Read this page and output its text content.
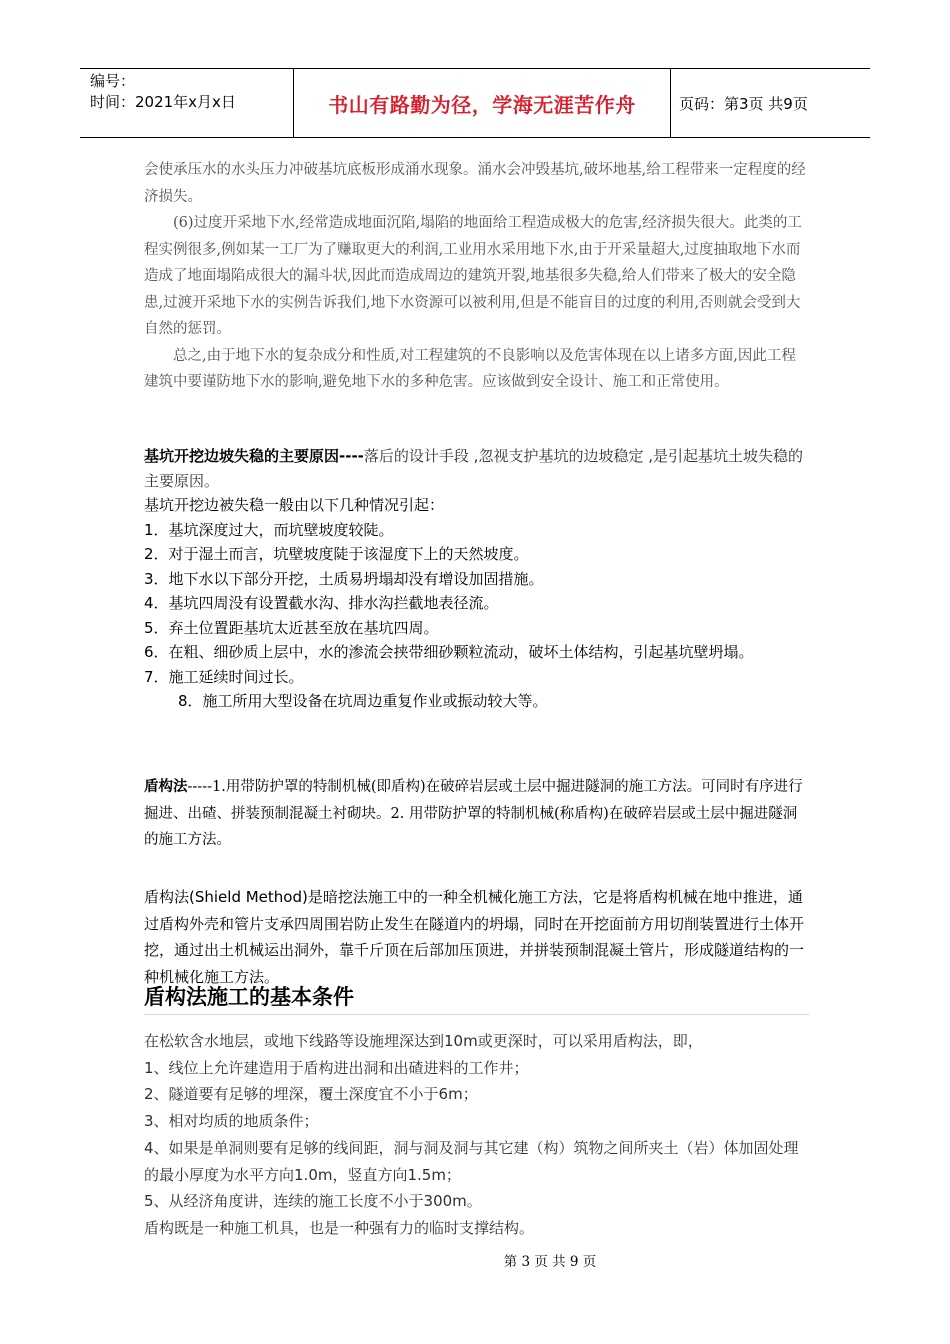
编号：
时间：2021年x月x日	书山有路勤为径，学海无涯苦作舟	页码：第3页 共9页

会使承压水的水头压力冲破基坑底板形成涌水现象。涌水会冲毁基坑,破坏地基,给工程带来一定程度的经济损失。

(6)过度开采地下水,经常造成地面沉陷,塌陷的地面给工程造成极大的危害,经济损失很大。此类的工程实例很多,例如某一工厂为了赚取更大的利润,工业用水采用地下水,由于开采量超大,过度抽取地下水而造成了地面塌陷成很大的漏斗状,因此而造成周边的建筑开裂,地基很多失稳,给人们带来了极大的安全隐患,过渡开采地下水的实例告诉我们,地下水资源可以被利用,但是不能盲目的过度的利用,否则就会受到大自然的惩罚。

总之,由于地下水的复杂成分和性质,对工程建筑的不良影响以及危害体现在以上诸多方面,因此工程建筑中要谨防地下水的影响,避免地下水的多种危害。应该做到安全设计、施工和正常使用。

基坑开挖边坡失稳的主要原因----落后的设计手段 ,忽视支护基坑的边坡稳定 ,是引起基坑土坡失稳的主要原因。

基坑开挖边被失稳一般由以下几种情况引起：

1．基坑深度过大，而坑壁坡度较陡。

2．对于湿土而言，坑壁坡度陡于该湿度下上的天然坡度。

3．地下水以下部分开挖，土质易坍塌却没有增设加固措施。

4．基坑四周没有设置截水沟、排水沟拦截地表径流。

5．弃土位置距基坑太近甚至放在基坑四周。

6．在粗、细砂质上层中，水的渗流会挟带细砂颗粒流动，破坏土体结构，引起基坑壁坍塌。

7．施工延续时间过长。

8．施工所用大型设备在坑周边重复作业或振动较大等。

盾构法-----1.用带防护罩的特制机械(即盾构)在破碎岩层或土层中掘进隧洞的施工方法。可同时有序进行掘进、出碴、拼装预制混凝土衬砌块。2. 用带防护罩的特制机械(称盾构)在破碎岩层或土层中掘进隧洞的施工方法。

盾构法(Shield Method)是暗挖法施工中的一种全机械化施工方法，它是将盾构机械在地中推进，通过盾构外壳和管片支承四周围岩防止发生在隧道内的坍塌，同时在开挖面前方用切削装置进行土体开挖，通过出土机械运出洞外，靠千斤顶在后部加压顶进，并拼装预制混凝土管片，形成隧道结构的一种机械化施工方法。

盾构法施工的基本条件

在松软含水地层，或地下线路等设施埋深达到10m或更深时，可以采用盾构法，即，

1、线位上允许建造用于盾构进出洞和出碴进料的工作井；

2、隧道要有足够的埋深，覆土深度宜不小于6m；

3、相对均质的地质条件；

4、如果是单洞则要有足够的线间距，洞与洞及洞与其它建（构）筑物之间所夹土（岩）体加固处理的最小厚度为水平方向1.0m，竖直方向1.5m；

5、从经济角度讲，连续的施工长度不小于300m。

盾构既是一种施工机具，也是一种强有力的临时支撑结构。

第 3 页 共 9 页
